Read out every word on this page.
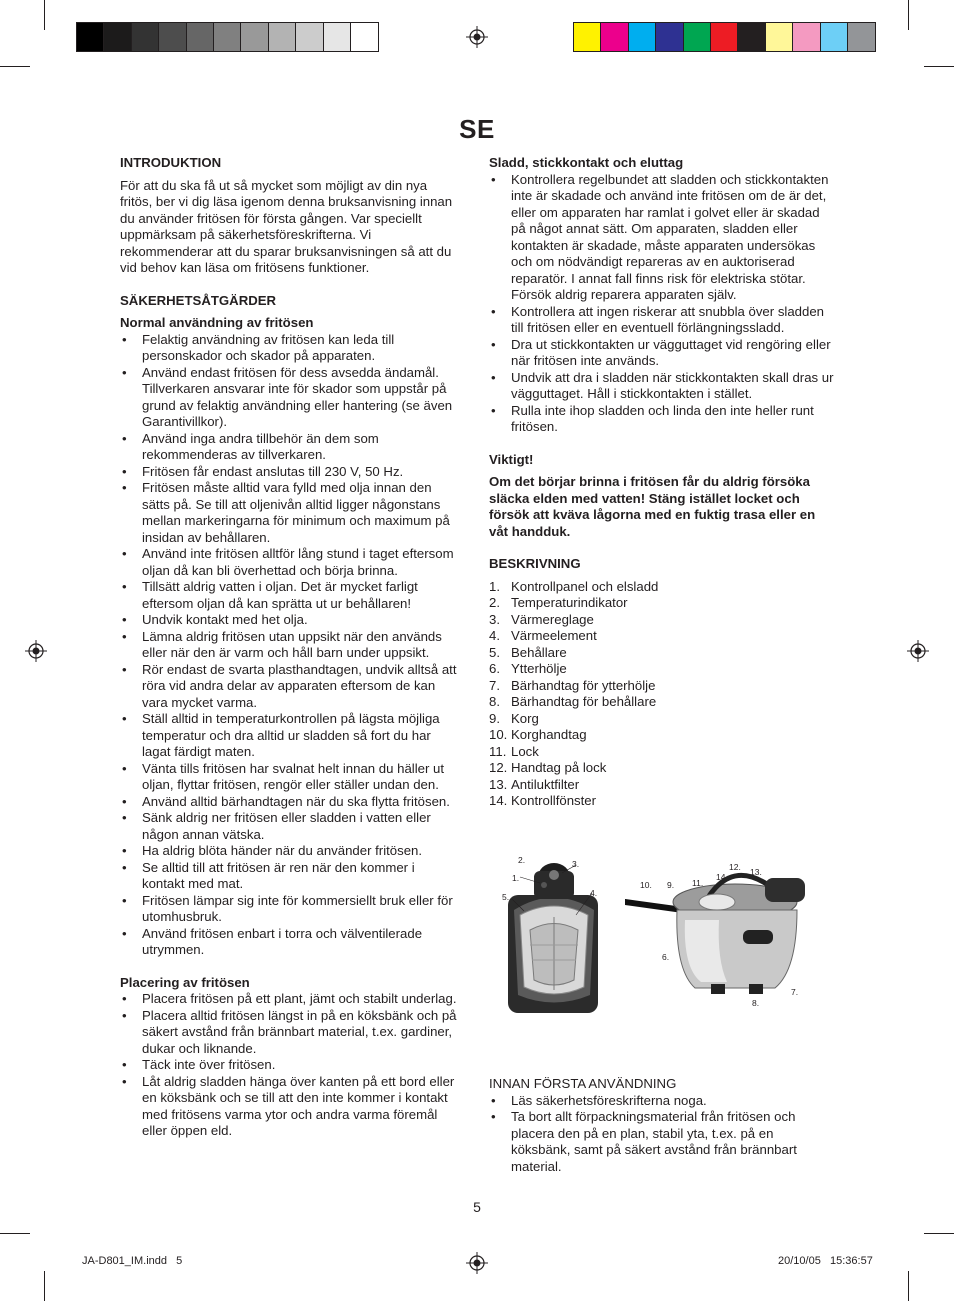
SE

INTRODUKTION

För att du ska få ut så mycket som möjligt av din nya fritös, ber vi dig läsa igenom denna bruksanvisning innan du använder fritösen för första gången. Var speciellt uppmärksam på säkerhetsföreskrifterna. Vi rekommenderar att du sparar bruksanvisningen så att du vid behov kan läsa om fritösens funktioner.

SÄKERHETSÅTGÄRDER

Normal användning av fritösen

• Felaktig användning av fritösen kan leda till personskador och skador på apparaten.
• Använd endast fritösen för dess avsedda ändamål. Tillverkaren ansvarar inte för skador som uppstår på grund av felaktig användning eller hantering (se även Garantivillkor).
• Använd inga andra tillbehör än dem som rekommenderas av tillverkaren.
• Fritösen får endast anslutas till 230 V, 50 Hz.
• Fritösen måste alltid vara fylld med olja innan den sätts på. Se till att oljenivån alltid ligger någonstans mellan markeringarna för minimum och maximum på insidan av behållaren.
• Använd inte fritösen alltför lång stund i taget eftersom oljan då kan bli överhettad och börja brinna.
• Tillsätt aldrig vatten i oljan. Det är mycket farligt eftersom oljan då kan sprätta ut ur behållaren!
• Undvik kontakt med het olja.
• Lämna aldrig fritösen utan uppsikt när den används eller när den är varm och håll barn under uppsikt.
• Rör endast de svarta plasthandtagen, undvik alltså att röra vid andra delar av apparaten eftersom de kan vara mycket varma.
• Ställ alltid in temperaturkontrollen på lägsta möjliga temperatur och dra alltid ur sladden så fort du har lagat färdigt maten.
• Vänta tills fritösen har svalnat helt innan du häller ut oljan, flyttar fritösen, rengör eller ställer undan den.
• Använd alltid bärhandtagen när du ska flytta fritösen.
• Sänk aldrig ner fritösen eller sladden i vatten eller någon annan vätska.
• Ha aldrig blöta händer när du använder fritösen.
• Se alltid till att fritösen är ren när den kommer i kontakt med mat.
• Fritösen lämpar sig inte för kommersiellt bruk eller för utomhusbruk.
• Använd fritösen enbart i torra och välventilerade utrymmen.

Placering av fritösen

• Placera fritösen på ett plant, jämt och stabilt underlag.
• Placera alltid fritösen längst in på en köksbänk och på säkert avstånd från brännbart material, t.ex. gardiner, dukar och liknande.
• Täck inte över fritösen.
• Låt aldrig sladden hänga över kanten på ett bord eller en köksbänk och se till att den inte kommer i kontakt med fritösens varma ytor och andra varma föremål eller öppen eld.

Sladd, stickkontakt och eluttag

• Kontrollera regelbundet att sladden och stickkontakten inte är skadade och använd inte fritösen om de är det, eller om apparaten har ramlat i golvet eller är skadad på något annat sätt. Om apparaten, sladden eller kontakten är skadade, måste apparaten undersökas och om nödvändigt repareras av en auktoriserad reparatör. I annat fall finns risk för elektriska stötar. Försök aldrig reparera apparaten själv.
• Kontrollera att ingen riskerar att snubbla över sladden till fritösen eller en eventuell förlängningssladd.
• Dra ut stickkontakten ur vägguttaget vid rengöring eller när fritösen inte används.
• Undvik att dra i sladden när stickkontakten skall dras ur vägguttaget. Håll i stickkontakten i stället.
• Rulla inte ihop sladden och linda den inte heller runt fritösen.

Viktigt!

Om det börjar brinna i fritösen får du aldrig försöka släcka elden med vatten! Stäng istället locket och försök att kväva lågorna med en fuktig trasa eller en våt handduk.

BESKRIVNING

1. Kontrollpanel och elsladd
2. Temperaturindikator
3. Värmereglage
4. Värmeelement
5. Behållare
6. Ytterhölje
7. Bärhandtag för ytterhölje
8. Bärhandtag för behållare
9. Korg
10. Korghandtag
11. Lock
12. Handtag på lock
13. Antiluktfilter
14. Kontrollfönster
1.
2.	3.
4.
5.
6.
7.
8.
9.
10.	11.
12. 13.
14.

INNAN FÖRSTA ANVÄNDNING

• Läs säkerhetsföreskrifterna noga.
• Ta bort allt förpackningsmaterial från fritösen och placera den på en plan, stabil yta, t.ex. på en köksbänk, samt på säkert avstånd från brännbart material.
5
JA-D801_IM.indd   5	20/10/05   15:36:57
